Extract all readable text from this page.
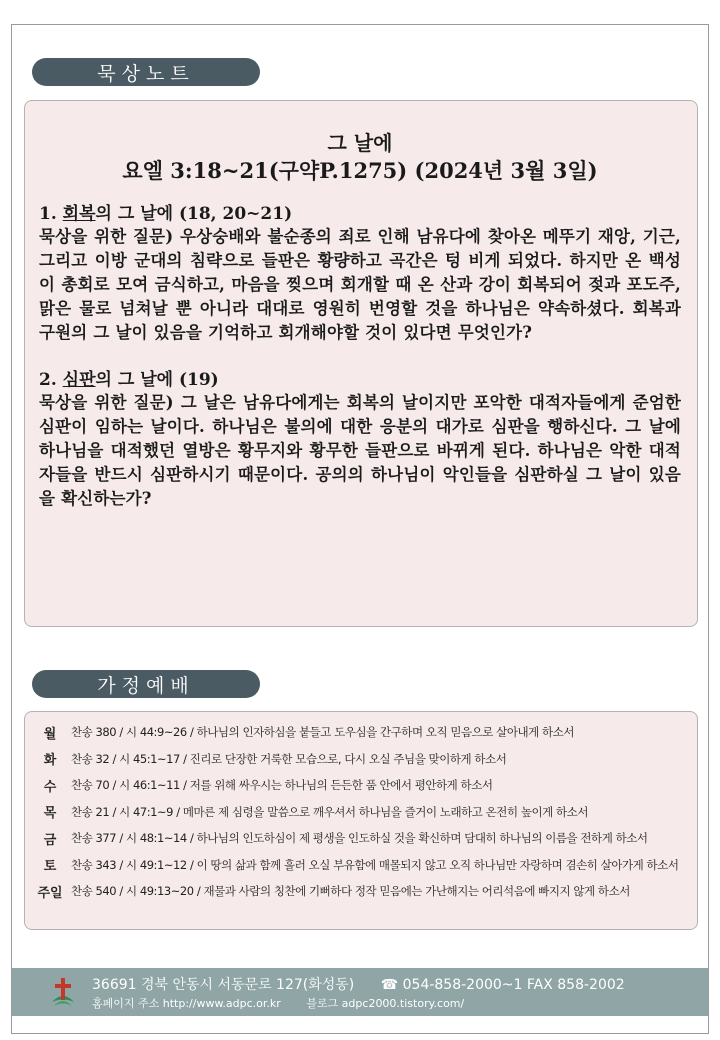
묵상노트
그 날에
요엘 3:18~21(구약P.1275) (2024년 3월 3일)
1. 회복의 그 날에 (18, 20~21)
묵상을 위한 질문) 우상숭배와 불순종의 죄로 인해 남유다에 찾아온 메뚜기 재앙, 기근, 그리고 이방 군대의 침략으로 들판은 황량하고 곡간은 텅 비게 되었다. 하지만 온 백성이 총회로 모여 금식하고, 마음을 찢으며 회개할 때 온 산과 강이 회복되어 젖과 포도주, 맑은 물로 넘쳐날 뿐 아니라 대대로 영원히 번영할 것을 하나님은 약속하셨다. 회복과 구원의 그 날이 있음을 기억하고 회개해야할 것이 있다면 무엇인가?
2. 심판의 그 날에 (19)
묵상을 위한 질문) 그 날은 남유다에게는 회복의 날이지만 포악한 대적자들에게 준엄한 심판이 임하는 날이다. 하나님은 불의에 대한 응분의 대가로 심판을 행하신다. 그 날에 하나님을 대적했던 열방은 황무지와 황무한 들판으로 바뀌게 된다. 하나님은 악한 대적자들을 반드시 심판하시기 때문이다. 공의의 하나님이 악인들을 심판하실 그 날이 있음을 확신하는가?
가정예배
월	찬송 380 / 시 44:9~26 / 하나님의 인자하심을 붙들고 도우심을 간구하며 오직 믿음으로 살아내게 하소서
화	찬송 32 / 시 45:1~17 / 진리로 단장한 거룩한 모습으로, 다시 오실 주님을 맞이하게 하소서
수	찬송 70 / 시 46:1~11 / 저를 위해 싸우시는 하나님의 든든한 품 안에서 평안하게 하소서
목	찬송 21 / 시 47:1~9 / 메마른 제 심령을 말씀으로 깨우셔서 하나님을 즐거이 노래하고 온전히 높이게 하소서
금	찬송 377 / 시 48:1~14 / 하나님의 인도하심이 제 평생을 인도하실 것을 확신하며 담대히 하나님의 이름을 전하게 하소서
토	찬송 343 / 시 49:1~12 / 이 땅의 삶과 함께 흘러 오실 부유함에 매몰되지 않고 오직 하나님만 자랑하며 겸손히 살아가게 하소서
주일 찬송 540 / 시 49:13~20 / 재물과 사람의 칭찬에 기뻐하다 정작 믿음에는 가난해지는 어리석음에 빠지지 않게 하소서
36691 경북 안동시 서동문로 127(화성동) ☎ 054-858-2000~1 FAX 858-2002
홈페이지 주소 http://www.adpc.or.kr 블로그 adpc2000.tistory.com/
